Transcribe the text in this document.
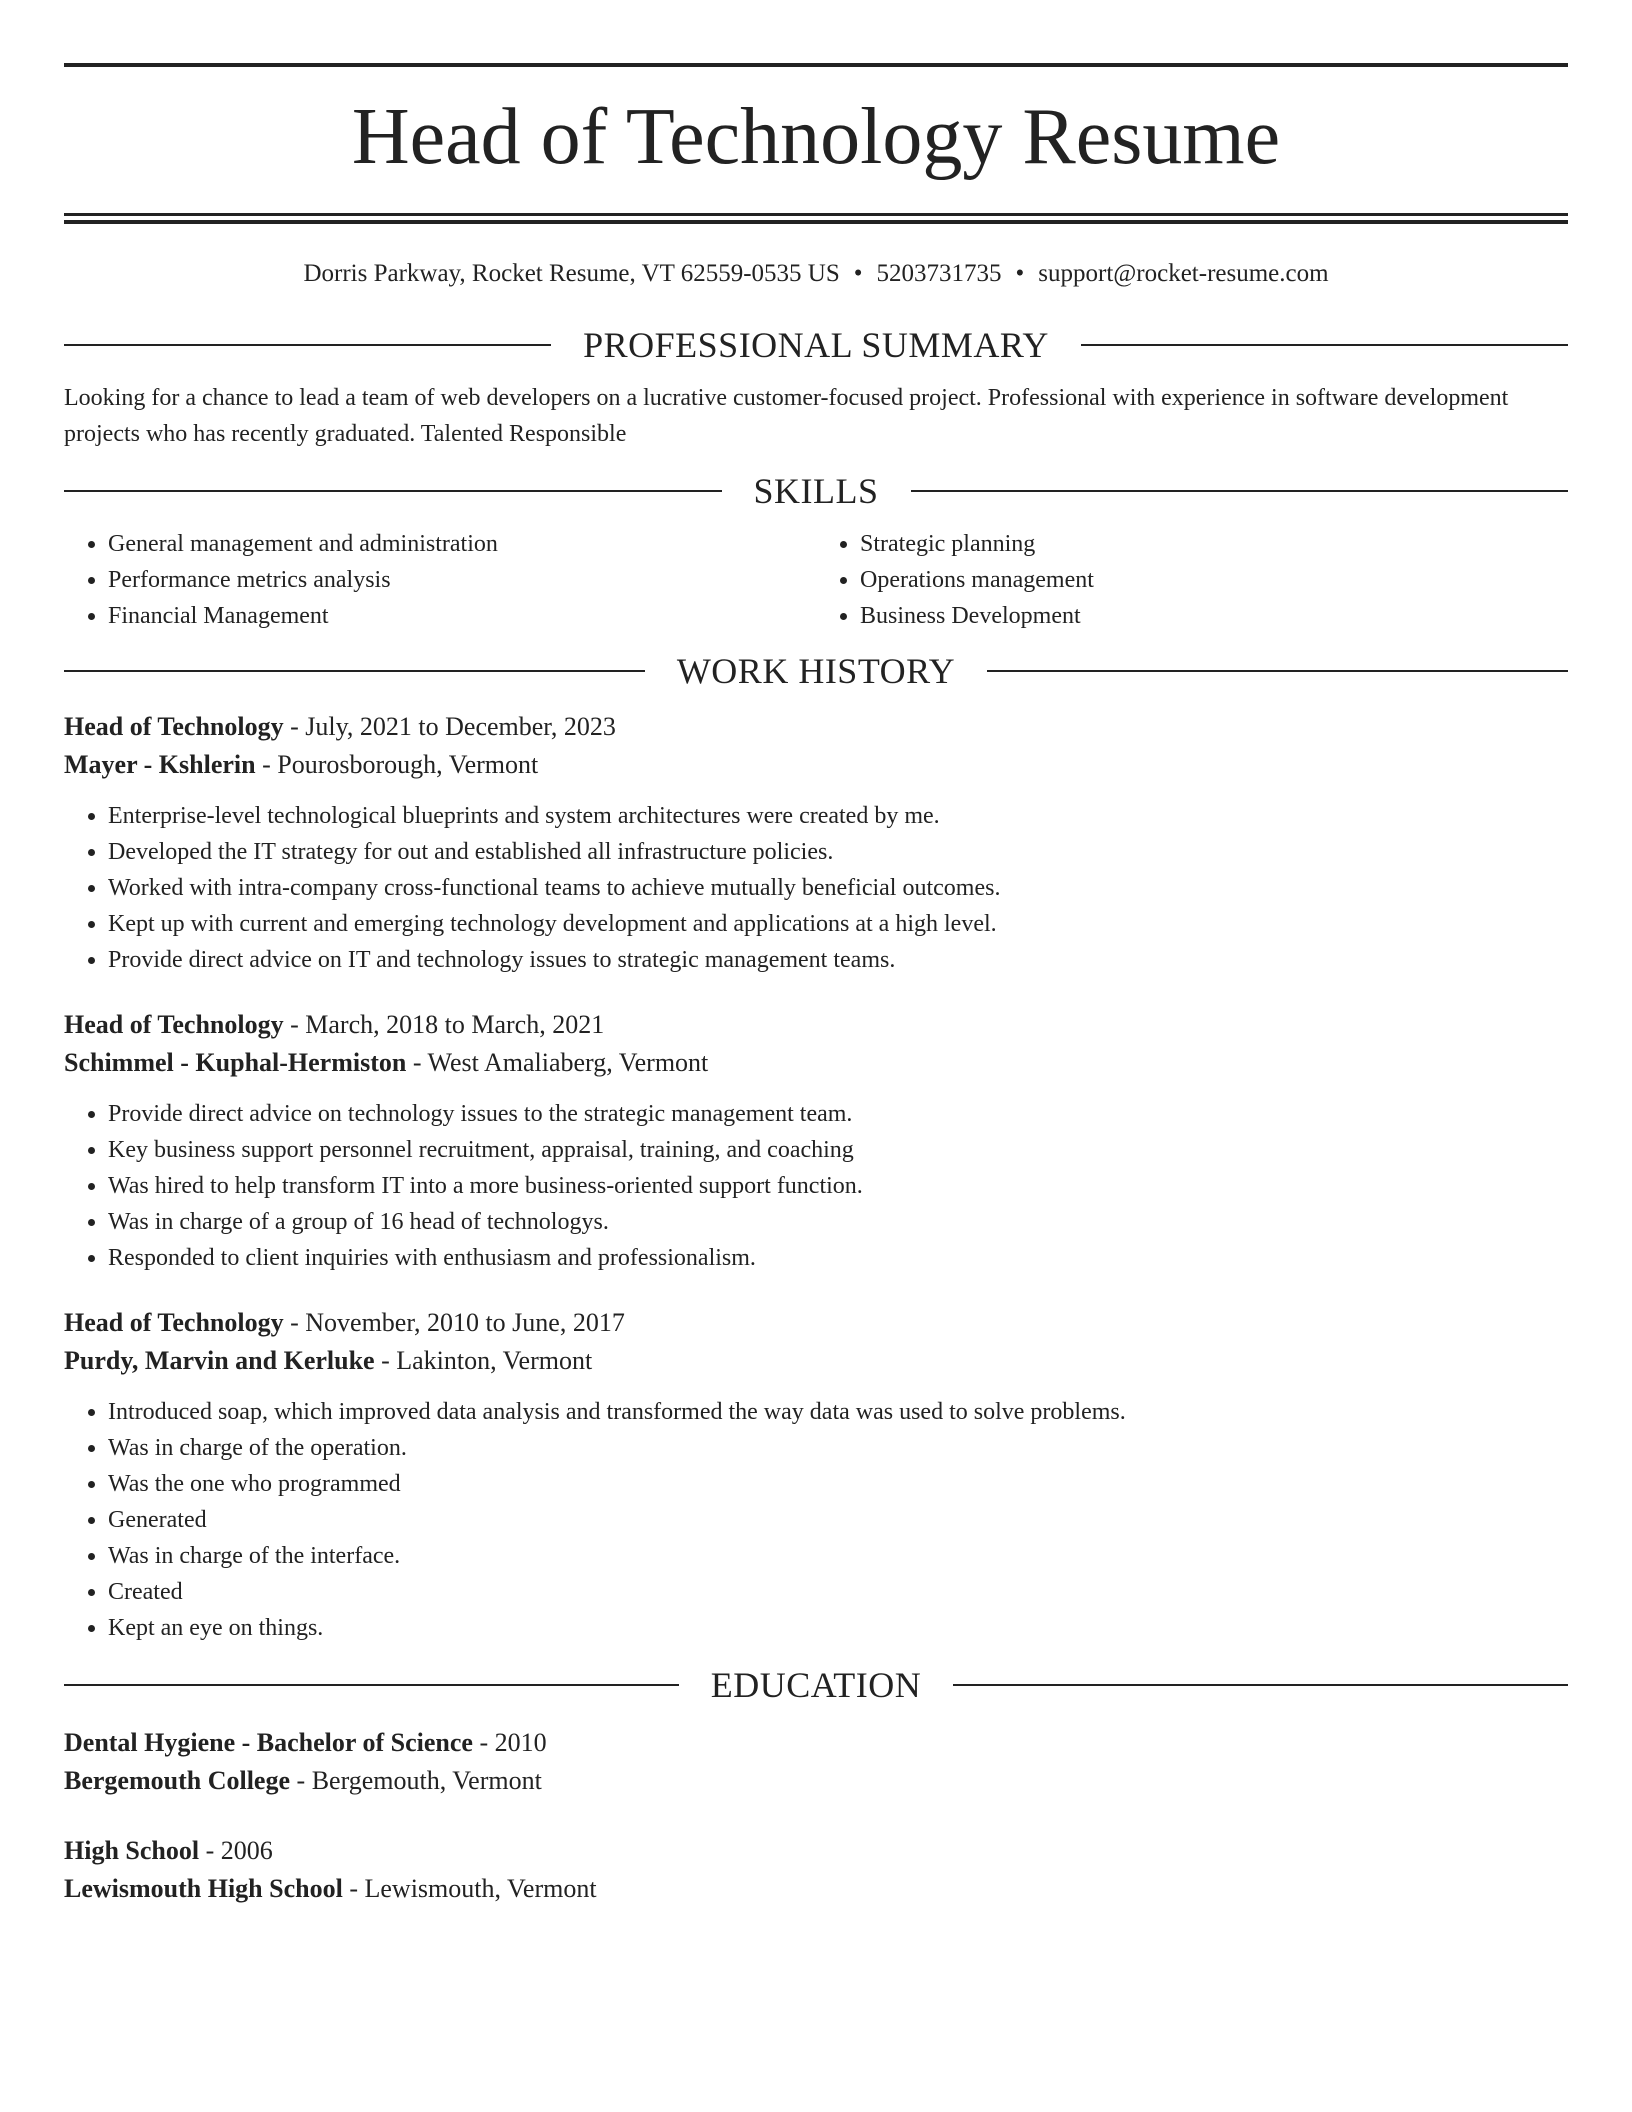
Head of Technology Resume
Dorris Parkway, Rocket Resume, VT 62559-0535 US • 5203731735 • support@rocket-resume.com
PROFESSIONAL SUMMARY
Looking for a chance to lead a team of web developers on a lucrative customer-focused project. Professional with experience in software development projects who has recently graduated. Talented Responsible
SKILLS
• General management and administration
• Performance metrics analysis
• Financial Management
• Strategic planning
• Operations management
• Business Development
WORK HISTORY
Head of Technology - July, 2021 to December, 2023
Mayer - Kshlerin - Pourosborough, Vermont
• Enterprise-level technological blueprints and system architectures were created by me.
• Developed the IT strategy for out and established all infrastructure policies.
• Worked with intra-company cross-functional teams to achieve mutually beneficial outcomes.
• Kept up with current and emerging technology development and applications at a high level.
• Provide direct advice on IT and technology issues to strategic management teams.
Head of Technology - March, 2018 to March, 2021
Schimmel - Kuphal-Hermiston - West Amaliaberg, Vermont
• Provide direct advice on technology issues to the strategic management team.
• Key business support personnel recruitment, appraisal, training, and coaching
• Was hired to help transform IT into a more business-oriented support function.
• Was in charge of a group of 16 head of technologys.
• Responded to client inquiries with enthusiasm and professionalism.
Head of Technology - November, 2010 to June, 2017
Purdy, Marvin and Kerluke - Lakinton, Vermont
• Introduced soap, which improved data analysis and transformed the way data was used to solve problems.
• Was in charge of the operation.
• Was the one who programmed
• Generated
• Was in charge of the interface.
• Created
• Kept an eye on things.
EDUCATION
Dental Hygiene - Bachelor of Science - 2010
Bergemouth College - Bergemouth, Vermont
High School - 2006
Lewismouth High School - Lewismouth, Vermont
